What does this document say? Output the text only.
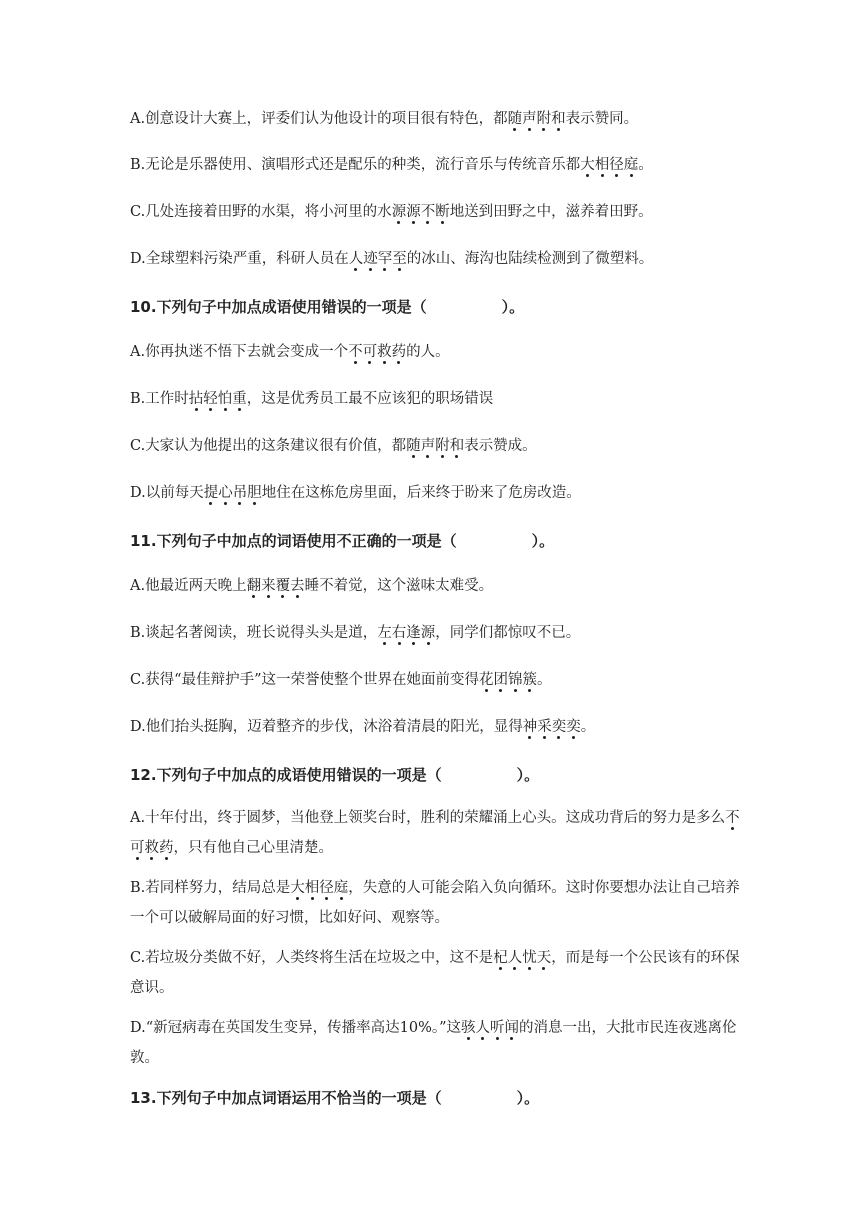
A.创意设计大赛上，评委们认为他设计的项目很有特色，都随声附和表示赞同。

B.无论是乐器使用、演唱形式还是配乐的种类，流行音乐与传统音乐都大相径庭。

C.几处连接着田野的水渠，将小河里的水源源不断地送到田野之中，滋养着田野。

D.全球塑料污染严重，科研人员在人迹罕至的冰山、海沟也陆续检测到了微塑料。

10.下列句子中加点成语使用错误的一项是（　　　　　）。

A.你再执迷不悟下去就会变成一个不可救药的人。

B.工作时拈轻怕重，这是优秀员工最不应该犯的职场错误

C.大家认为他提出的这条建议很有价值，都随声附和表示赞成。

D.以前每天提心吊胆地住在这栋危房里面，后来终于盼来了危房改造。

11.下列句子中加点的词语使用不正确的一项是（　　　　　）。

A.他最近两天晚上翻来覆去睡不着觉，这个滋味太难受。

B.谈起名著阅读，班长说得头头是道，左右逢源，同学们都惊叹不已。

C.获得“最佳辩护手”这一荣誉使整个世界在她面前变得花团锦簇。

D.他们抬头挺胸，迈着整齐的步伐，沐浴着清晨的阳光，显得神采奕奕。

12.下列句子中加点的成语使用错误的一项是（　　　　　）。

A.十年付出，终于圆梦，当他登上领奖台时，胜利的荣耀涌上心头。这成功背后的努力是多么不可救药，只有他自己心里清楚。

B.若同样努力，结局总是大相径庭，失意的人可能会陷入负向循环。这时你要想办法让自己培养一个可以破解局面的好习惯，比如好问、观察等。

C.若垃圾分类做不好，人类终将生活在垃圾之中，这不是杞人忧天，而是每一个公民该有的环保意识。

D.“新冠病毒在英国发生变异，传播率高达10%。”这骇人听闻的消息一出，大批市民连夜逃离伦敦。

13.下列句子中加点词语运用不恰当的一项是（　　　　　）。
